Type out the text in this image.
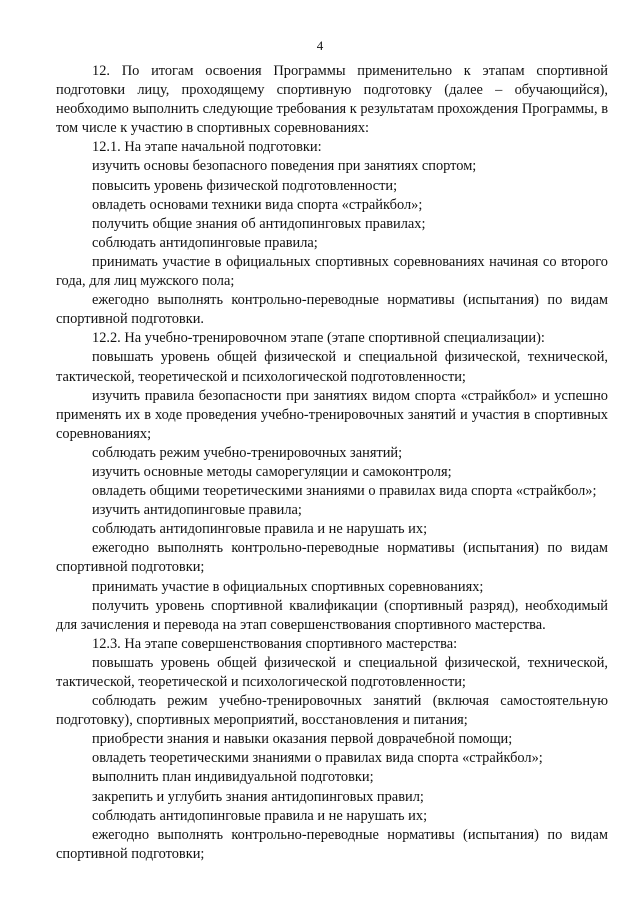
4

12. По итогам освоения Программы применительно к этапам спортивной подготовки лицу, проходящему спортивную подготовку (далее – обучающийся), необходимо выполнить следующие требования к результатам прохождения Программы, в том числе к участию в спортивных соревнованиях:

12.1. На этапе начальной подготовки:

изучить основы безопасного поведения при занятиях спортом;

повысить уровень физической подготовленности;

овладеть основами техники вида спорта «страйкбол»;

получить общие знания об антидопинговых правилах;

соблюдать антидопинговые правила;

принимать участие в официальных спортивных соревнованиях начиная со второго года, для лиц мужского пола;

ежегодно выполнять контрольно-переводные нормативы (испытания) по видам спортивной подготовки.

12.2. На учебно-тренировочном этапе (этапе спортивной специализации):

повышать уровень общей физической и специальной физической, технической, тактической, теоретической и психологической подготовленности;

изучить правила безопасности при занятиях видом спорта «страйкбол» и успешно применять их в ходе проведения учебно-тренировочных занятий и участия в спортивных соревнованиях;

соблюдать режим учебно-тренировочных занятий;

изучить основные методы саморегуляции и самоконтроля;

овладеть общими теоретическими знаниями о правилах вида спорта «страйкбол»;

изучить антидопинговые правила;

соблюдать антидопинговые правила и не нарушать их;

ежегодно выполнять контрольно-переводные нормативы (испытания) по видам спортивной подготовки;

принимать участие в официальных спортивных соревнованиях;

получить уровень спортивной квалификации (спортивный разряд), необходимый для зачисления и перевода на этап совершенствования спортивного мастерства.

12.3. На этапе совершенствования спортивного мастерства:

повышать уровень общей физической и специальной физической, технической, тактической, теоретической и психологической подготовленности;

соблюдать режим учебно-тренировочных занятий (включая самостоятельную подготовку), спортивных мероприятий, восстановления и питания;

приобрести знания и навыки оказания первой доврачебной помощи;

овладеть теоретическими знаниями о правилах вида спорта «страйкбол»;

выполнить план индивидуальной подготовки;

закрепить и углубить знания антидопинговых правил;

соблюдать антидопинговые правила и не нарушать их;

ежегодно выполнять контрольно-переводные нормативы (испытания) по видам спортивной подготовки;
